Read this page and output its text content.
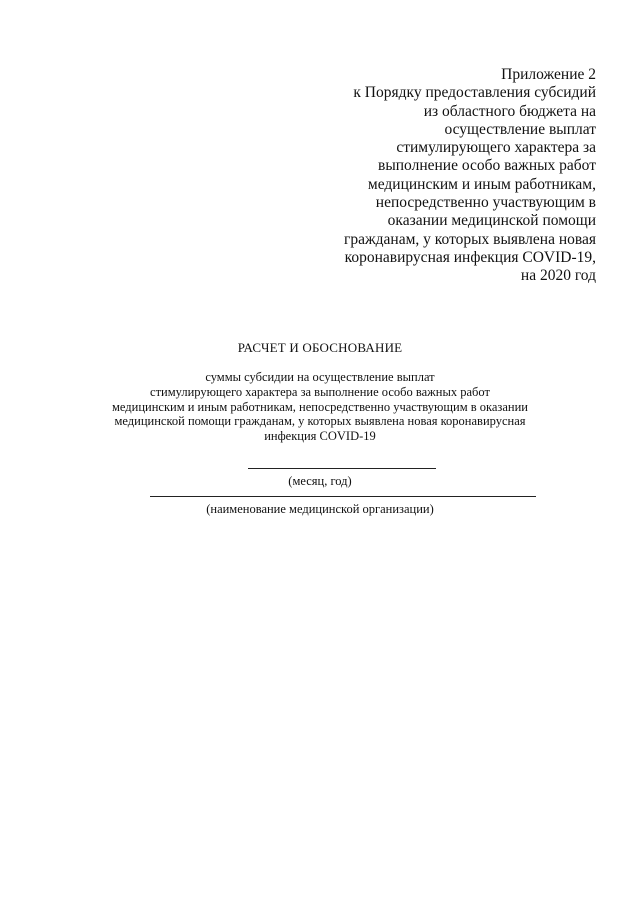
Приложение 2
к Порядку предоставления субсидий
из областного бюджета на
осуществление выплат
стимулирующего характера за
выполнение особо важных работ
медицинским и иным работникам,
непосредственно участвующим в
оказании медицинской помощи
гражданам, у которых выявлена новая
коронавирусная инфекция COVID-19,
на 2020 год
РАСЧЕТ И ОБОСНОВАНИЕ
суммы субсидии на осуществление выплат
стимулирующего характера за выполнение особо важных работ
медицинским и иным работникам, непосредственно участвующим в оказании
медицинской помощи гражданам, у которых выявлена новая коронавирусная
инфекция COVID-19
(месяц, год)
(наименование медицинской организации)
